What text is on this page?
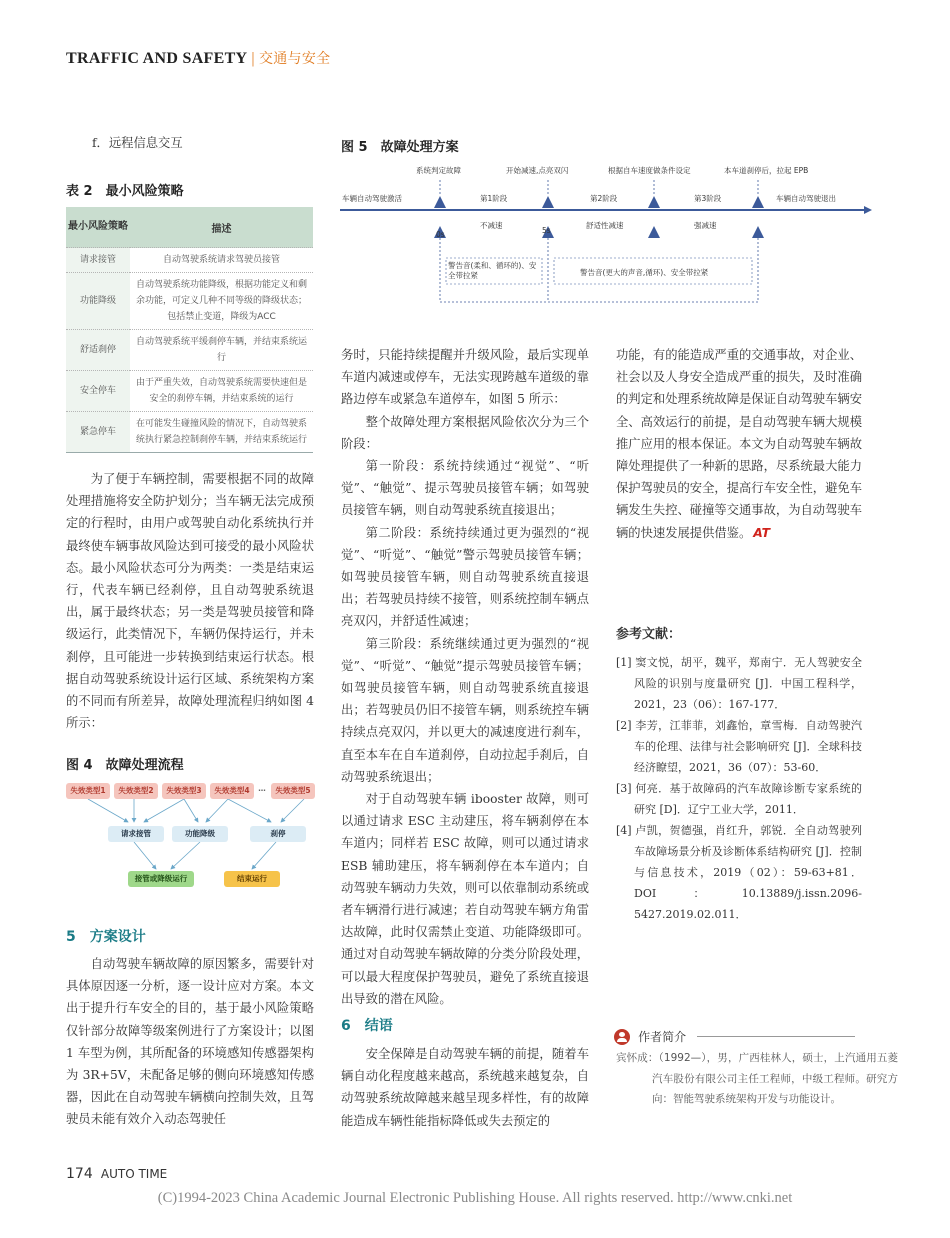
TRAFFIC AND SAFETY | 交通与安全
f．远程信息交互
表 2　最小风险策略
最小风险策略	描述
请求接管	自动驾驶系统请求驾驶员接管
功能降级	自动驾驶系统功能降级，根据功能定义和剩余功能，可定义几种不同等级的降级状态；包括禁止变道，降级为ACC
舒适刹停	自动驾驶系统平缓刹停车辆，并结束系统运行
安全停车	由于严重失效，自动驾驶系统需要快速但是安全的刹停车辆，并结束系统的运行
紧急停车	在可能发生碰撞风险的情况下，自动驾驶系统执行紧急控制刹停车辆，并结束系统运行

为了便于车辆控制，需要根据不同的故障处理措施将安全防护划分；当车辆无法完成预定的行程时，由用户或驾驶自动化系统执行并最终使车辆事故风险达到可接受的最小风险状态。最小风险状态可分为两类：一类是结束运行，代表车辆已经刹停，且自动驾驶系统退出，属于最终状态；另一类是驾驶员接管和降级运行，此类情况下，车辆仍保持运行，并未刹停，且可能进一步转换到结束运行状态。根据自动驾驶系统设计运行区域、系统架构方案的不同而有所差异，故障处理流程归纳如图 4 所示：

图 4　故障处理流程
失效类型1	失效类型2	失效类型3	失效类型4	…	失效类型5
请求接管	功能降级	刹停
接管或降级运行	结束运行
5 方案设计

自动驾驶车辆故障的原因繁多，需要针对具体原因逐一分析，逐一设计应对方案。本文出于提升行车安全的目的，基于最小风险策略仅针部分故障等级案例进行了方案设计；以图 1 车型为例，其所配备的环境感知传感器架构为 3R+5V，未配备足够的侧向环境感知传感器，因此在自动驾驶车辆横向控制失效，且驾驶员未能有效介入动态驾驶任

图 5　故障处理方案
系统判定故障	开始减速,点亮双闪	根据自车速度做条件设定	本车道刹停后，拉起 EPB
车辆自动驾驶激活	车辆自动驾驶退出
第1阶段	第2阶段	第3阶段
不减速	舒适性减速	强减速
0s	5s
警告音(柔和、循环的)、安全带拉紧	警告音(更大的声音,循环)、安全带拉紧

务时，只能持续提醒并升级风险，最后实现单车道内减速或停车，无法实现跨越车道级的靠路边停车或紧急车道停车，如图 5 所示：

整个故障处理方案根据风险依次分为三个阶段：

第一阶段：系统持续通过“视觉”、“听觉”、“触觉”、提示驾驶员接管车辆；如驾驶员接管车辆，则自动驾驶系统直接退出；

第二阶段：系统持续通过更为强烈的“视觉”、“听觉”、“触觉”警示驾驶员接管车辆；如驾驶员接管车辆，则自动驾驶系统直接退出；若驾驶员持续不接管，则系统控制车辆点亮双闪，并舒适性减速；

第三阶段：系统继续通过更为强烈的“视觉”、“听觉”、“触觉”提示驾驶员接管车辆；如驾驶员接管车辆，则自动驾驶系统直接退出；若驾驶员仍旧不接管车辆，则系统控车辆持续点亮双闪，并以更大的减速度进行刹车，直至本车在自车道刹停，自动拉起手刹后，自动驾驶系统退出；

对于自动驾驶车辆 ibooster 故障，则可以通过请求 ESC 主动建压，将车辆刹停在本车道内；同样若 ESC 故障，则可以通过请求 ESB 辅助建压，将车辆刹停在本车道内；自动驾驶车辆动力失效，则可以依靠制动系统或者车辆滑行进行减速；若自动驾驶车辆方角雷达故障，此时仅需禁止变道、功能降级即可。通过对自动驾驶车辆故障的分类分阶段处理，可以最大程度保护驾驶员，避免了系统直接退出导致的潜在风险。

6 结语

安全保障是自动驾驶车辆的前提，随着车辆自动化程度越来越高，系统越来越复杂，自动驾驶系统故障越来越呈现多样性，有的故障能造成车辆性能指标降低或失去预定的

功能，有的能造成严重的交通事故，对企业、社会以及人身安全造成严重的损失，及时准确的判定和处理系统故障是保证自动驾驶车辆安全、高效运行的前提，是自动驾驶车辆大规模推广应用的根本保证。本文为自动驾驶车辆故障处理提供了一种新的思路，尽系统最大能力保护驾驶员的安全，提高行车安全性，避免车辆发生失控、碰撞等交通事故，为自动驾驶车辆的快速发展提供借鉴。 AT

参考文献：
[1] 窦文悦，胡平，魏平，郑南宁．无人驾驶安全风险的识别与度量研究 [J]．中国工程科学，2021，23（06）：167-177．
[2] 李芳，江菲菲，刘鑫怡，章雪梅．自动驾驶汽车的伦理、法律与社会影响研究 [J]．全球科技经济瞭望，2021，36（07）：53-60．
[3] 何亮．基于故障码的汽车故障诊断专家系统的研究 [D]．辽宁工业大学，2011．
[4] 卢凯，贺德强，肖红升，郭锐．全自动驾驶列车故障场景分析及诊断体系结构研究 [J]．控制与信息技术，2019（02）：59-63+81．DOI：10.13889/j.issn.2096-5427.2019.02.011．
作者简介
宾怀成：（1992—），男，广西桂林人，硕士，上汽通用五菱汽车股份有限公司主任工程师，中级工程师。研究方向：智能驾驶系统架构开发与功能设计。
174 AUTO TIME
(C)1994-2023 China Academic Journal Electronic Publishing House. All rights reserved. http://www.cnki.net
